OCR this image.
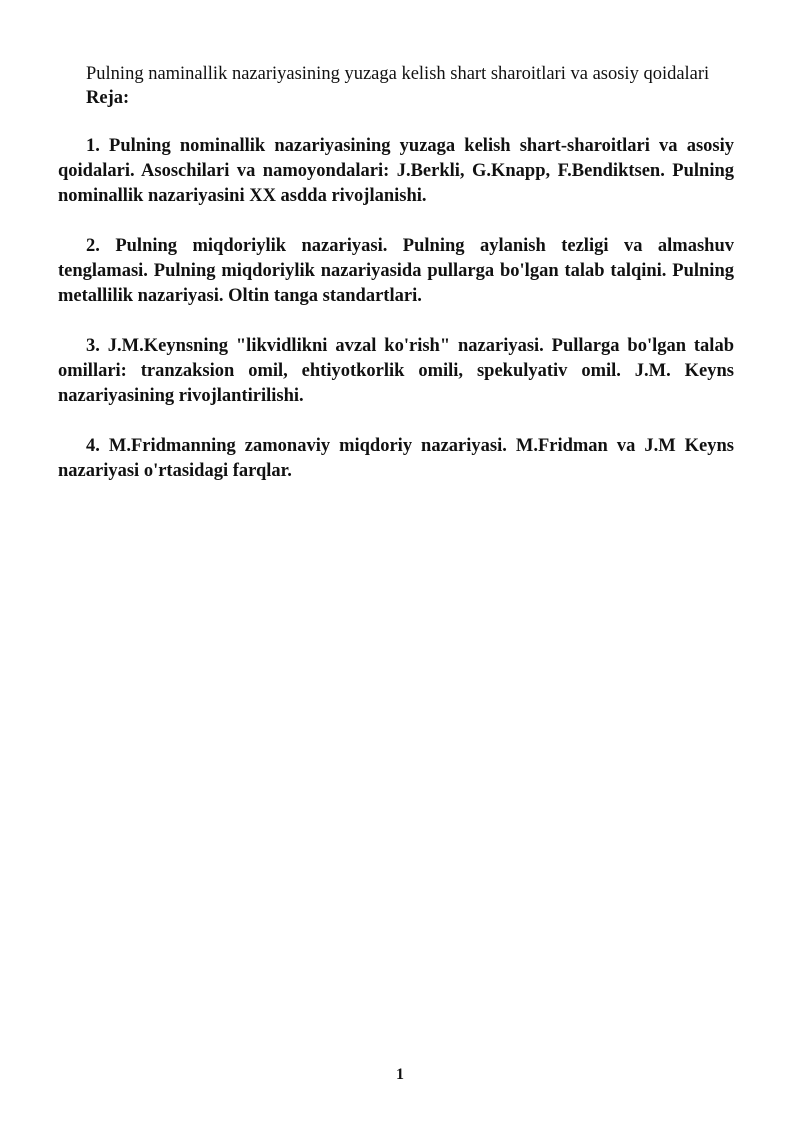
Pulning naminallik nazariyasining yuzaga kelish shart sharoitlari va asosiy qoidalari

Reja:

1. Pulning nominallik nazariyasining yuzaga kelish shart-sharoitlari va asosiy qoidalari. Asoschilari va namoyondalari: J.Berkli, G.Knapp, F.Bendiktsen. Pulning nominallik nazariyasini XX asdda rivojlanishi.

2. Pulning miqdoriylik nazariyasi. Pulning aylanish tezligi va almashuv tenglamasi. Pulning miqdoriylik nazariyasida pullarga bo'lgan talab talqini. Pulning metallilik nazariyasi. Oltin tanga standartlari.

3. J.M.Keynsning "likvidlikni avzal ko'rish" nazariyasi. Pullarga bo'lgan talab omillari: tranzaksion omil, ehtiyotkorlik omili, spekulyativ omil. J.M. Keyns nazariyasining rivojlantirilishi.

4. M.Fridmanning zamonaviy miqdoriy nazariyasi. M.Fridman va J.M Keyns nazariyasi o'rtasidagi farqlar.

1
